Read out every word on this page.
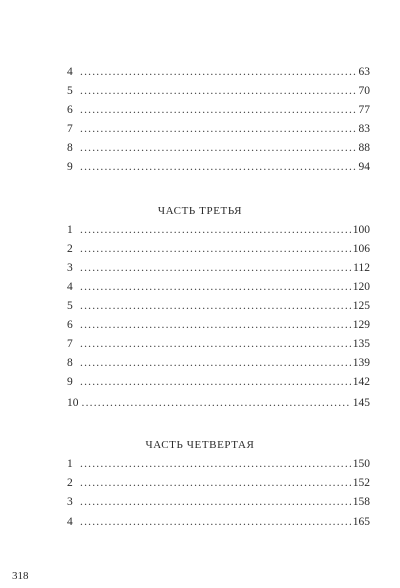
4 .....	63
5 .....	70
6 .....	77
7 .....	83
8 .....	88
9 .....	94
ЧАСТЬ ТРЕТЬЯ
1 .....	100
2 .....	106
3 .....	112
4 .....	120
5 .....	125
6 .....	129
7 .....	135
8 .....	139
9 .....	142
10 .....	145
ЧАСТЬ ЧЕТВЕРТАЯ
1 .....	150
2 .....	152
3 .....	158
4 .....	165
318
